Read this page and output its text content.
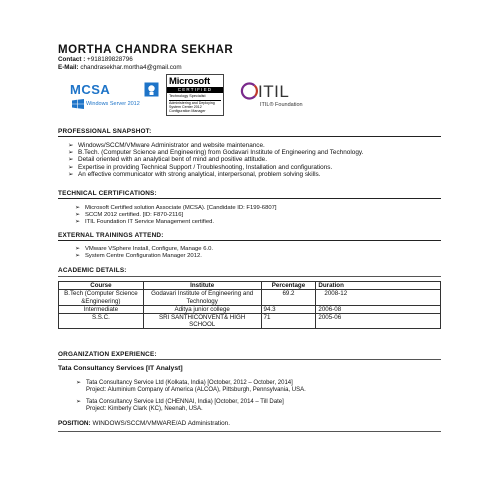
MORTHA CHANDRA SEKHAR
Contact : +918189828796
E-Mail: chandrasekhar.mortha4@gmail.com
MCSA
Windows Server 2012
Microsoft
CERTIFIED
Technology Specialist
Administering and Deploying System Center 2012 Configuration Manager
ITIL
ITIL® Foundation
PROFESSIONAL SNAPSHOT:
➢ Windows/SCCM/VMware Administrator and website maintenance.
➢ B.Tech. (Computer Science and Engineering) from Godavari Institute of Engineering and Technology.
➢ Detail oriented with an analytical bent of mind and positive attitude.
➢ Expertise in providing Technical Support / Troubleshooting, Installation and configurations.
➢ An effective communicator with strong analytical, interpersonal, problem solving skills.
TECHNICAL CERTIFICATIONS:
➢ Microsoft Certified solution Associate (MCSA). [Candidate ID: F199-6807]
➢ SCCM 2012 certified. [ID: F870-2116]
➢ ITIL Foundation IT Service Management certified.
EXTERNAL TRAININGS ATTEND:
➢ VMware VSphere Install, Configure, Manage 6.0.
➢ System Centre Configuration Manager 2012.
ACADEMIC DETAILS:
Course	Institute	Percentage	Duration
B.Tech (Computer Science &Engineering)	Godavari Institute of Engineering and Technology	69.2	2008-12
Intermediate	Aditya junior college	94.3	2006-08
S.S.C.	SRI SANTHICONVENT& HIGH SCHOOL	71	2005-06
ORGANIZATION EXPERIENCE:
Tata Consultancy Services [IT Analyst]
➢ Tata Consultancy Service Ltd (Kolkata, India) [October, 2012 – October, 2014]
Project: Aluminium Company of America (ALCOA), Pittsburgh, Pennsylvania, USA.
➢ Tata Consultancy Service Ltd (CHENNAI, India) [October, 2014 – Till Date]
Project: Kimberly Clark (KC), Neenah, USA.
POSITION: WINDOWS/SCCM/VMWARE/AD Administration.
